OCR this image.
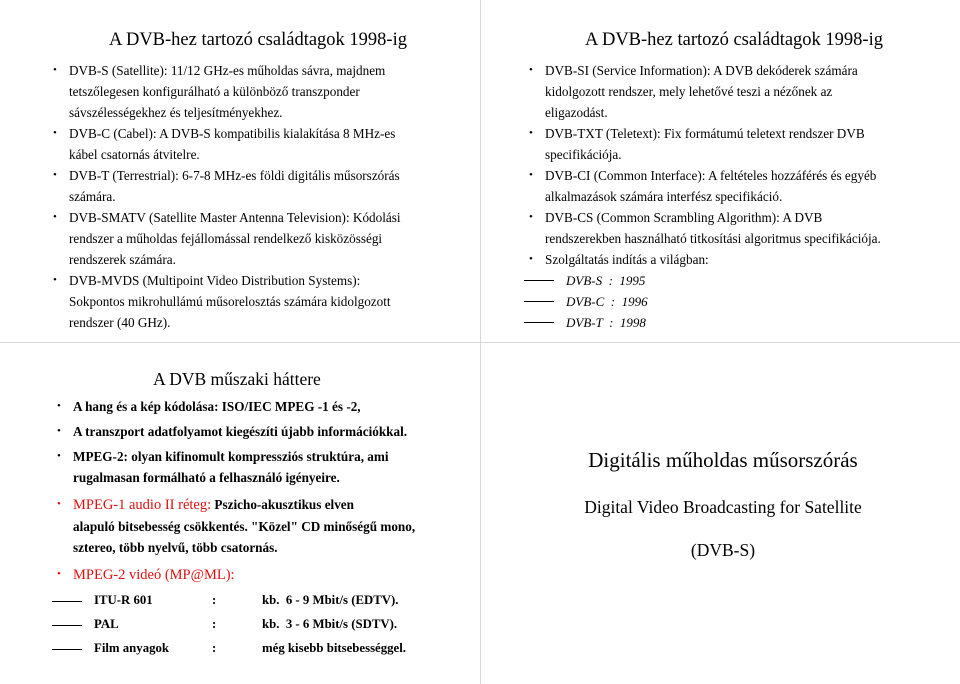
A DVB-hez tartozó családtagok 1998-ig
• DVB-S (Satellite): 11/12 GHz-es műholdas sávra, majdnem
tetszőlegesen konfigurálható a különböző transzponder
sávszélességekhez és teljesítményekhez.
• DVB-C (Cabel): A DVB-S kompatibilis kialakítása 8 MHz-es
kábel csatornás átvitelre.
• DVB-T (Terrestrial): 6-7-8 MHz-es földi digitális műsorszórás
számára.
• DVB-SMATV (Satellite Master Antenna Television): Kódolási
rendszer a műholdas fejállomással rendelkező kisközösségi
rendszerek számára.
• DVB-MVDS (Multipoint Video Distribution Systems):
Sokpontos mikrohullámú műsorelosztás számára kidolgozott
rendszer (40 GHz).
A DVB-hez tartozó családtagok 1998-ig
• DVB-SI (Service Information): A DVB dekóderek számára
kidolgozott rendszer, mely lehetővé teszi a nézőnek az
eligazodást.
• DVB-TXT (Teletext): Fix formátumú teletext rendszer DVB
specifikációja.
• DVB-CI (Common Interface): A feltételes hozzáférés és egyéb
alkalmazások számára interfész specifikáció.
• DVB-CS (Common Scrambling Algorithm): A DVB
rendszerekben használható titkosítási algoritmus specifikációja.
• Szolgáltatás indítás a világban:
DVB-S  :  1995
DVB-C  :  1996
DVB-T  :  1998
A DVB műszaki háttere
• A hang és a kép kódolása: ISO/IEC MPEG -1 és -2,
• A transzport adatfolyamot kiegészíti újabb információkkal.
• MPEG-2: olyan kifinomult kompressziós struktúra, ami
rugalmasan formálható a felhasználó igényeire.
• MPEG-1 audio II réteg: Pszicho-akusztikus elven
alapuló bitsebesség csökkentés. "Közel" CD minőségű mono,
sztereo, több nyelvű, több csatornás.
• MPEG-2 videó (MP@ML):
ITU-R 601	:	kb.  6 - 9 Mbit/s (EDTV).
PAL	:	kb.  3 - 6 Mbit/s (SDTV).
Film anyagok	:	még kisebb bitsebességgel.
Digitális műholdas műsorszórás
Digital Video Broadcasting for Satellite
(DVB-S)
